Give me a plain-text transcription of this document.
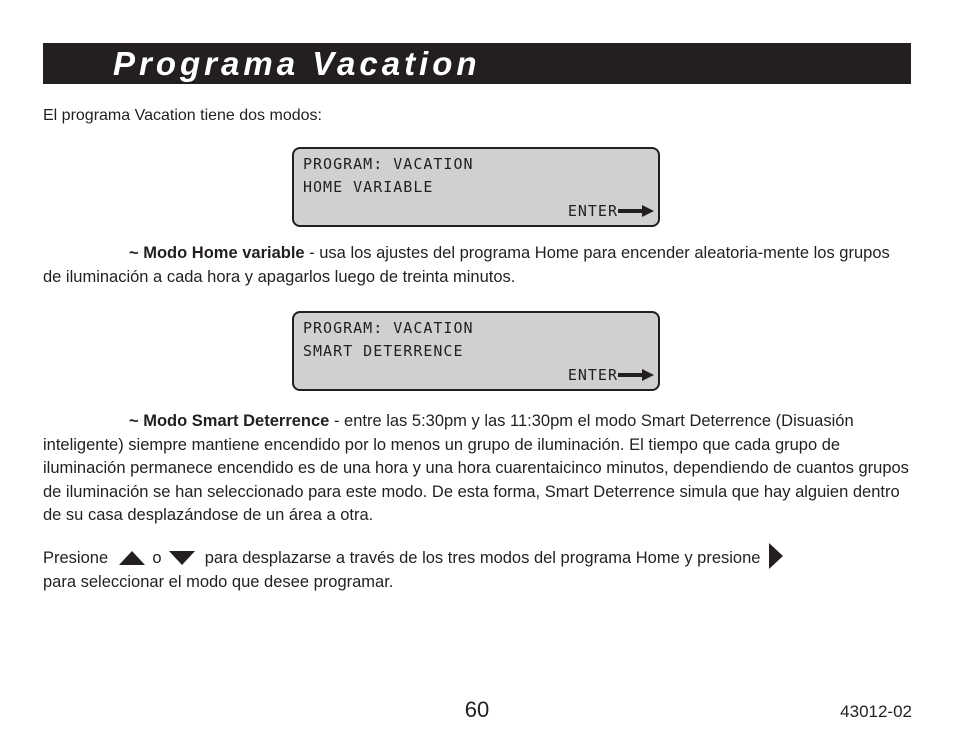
Programa Vacation
El programa Vacation tiene dos modos:
PROGRAM: VACATION
HOME VARIABLE
ENTER
~ Modo Home variable - usa los ajustes del programa Home para encender aleatoria-mente los grupos de iluminación a cada hora y apagarlos luego de treinta minutos.
PROGRAM: VACATION
SMART DETERRENCE
ENTER
~ Modo Smart Deterrence - entre las 5:30pm y las 11:30pm el modo Smart Deterrence (Disuasión inteligente) siempre mantiene encendido por lo menos un grupo de iluminación. El tiempo que cada grupo de iluminación permanece encendido es de una hora y una hora cuarentaicinco minutos, dependiendo de cuantos grupos de iluminación se han seleccionado para este modo. De esta forma, Smart Deterrence simula que hay alguien dentro de su casa desplazándose de un área a otra.
Presione	o	para desplazarse a través de los tres modos del programa Home y presione

para seleccionar el modo que desee programar.
60	43012-02
